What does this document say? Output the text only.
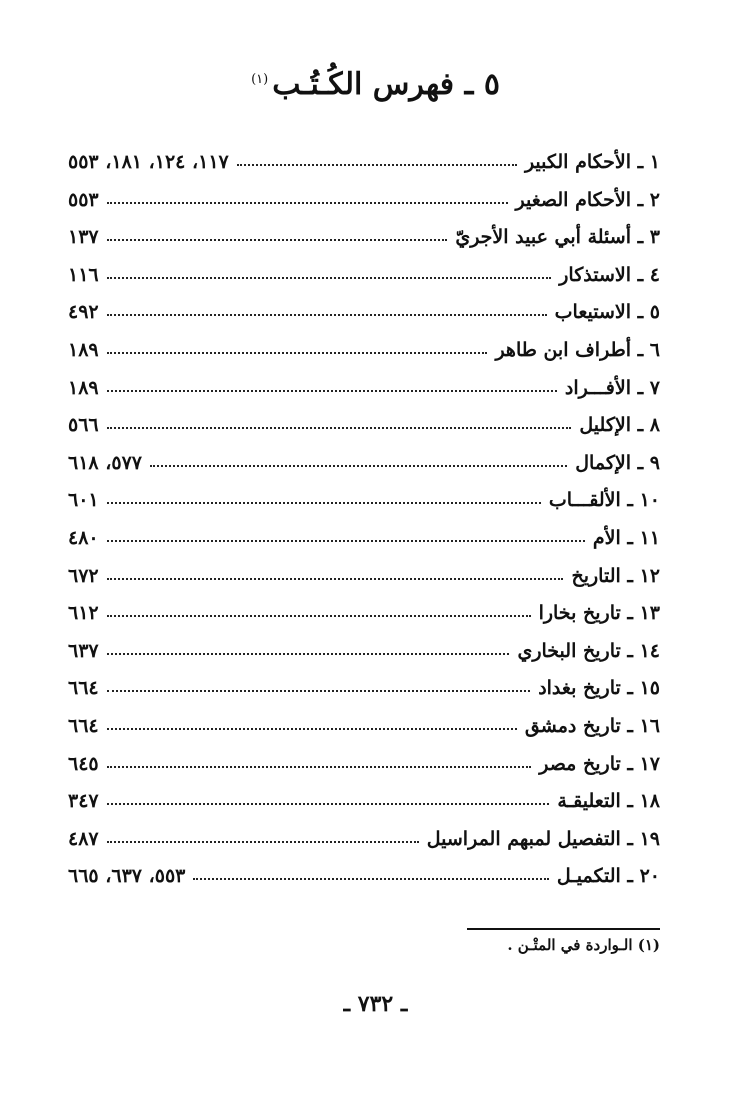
٥ ـ فهرس الكُـتُـب$^{(١)}$
١ ـ الأحكام الكبير
١١٧، ١٢٤، ١٨١، ٥٥٣
٢ ـ الأحكام الصغير
٥٥٣
٣ ـ أسئلة أبي عبيد الأجريّ
١٣٧
٤ ـ الاستذكار
١١٦
٥ ـ الاستيعاب
٤٩٢
٦ ـ أطراف ابن طاهر
١٨٩
٧ ـ الأفـــراد
١٨٩
٨ ـ الإكليل
٥٦٦
٩ ـ الإكمال
٥٧٧، ٦١٨
١٠ ـ الألقـــاب
٦٠١
١١ ـ الأم
٤٨٠
١٢ ـ التاريخ
٦٧٢
١٣ ـ تاريخ بخارا
٦١٢
١٤ ـ تاريخ البخاري
٦٣٧
١٥ ـ تاريخ بغداد
٦٦٤
١٦ ـ تاريخ دمشق
٦٦٤
١٧ ـ تاريخ مصر
٦٤٥
١٨ ـ التعليقـة
٣٤٧
١٩ ـ التفصيل لمبهم المراسيل
٤٨٧
٢٠ ـ التكميـل
٥٥٣، ٦٣٧، ٦٦٥
(١) الـواردة في المتْـن .
ـ ٧٣٢ ـ
